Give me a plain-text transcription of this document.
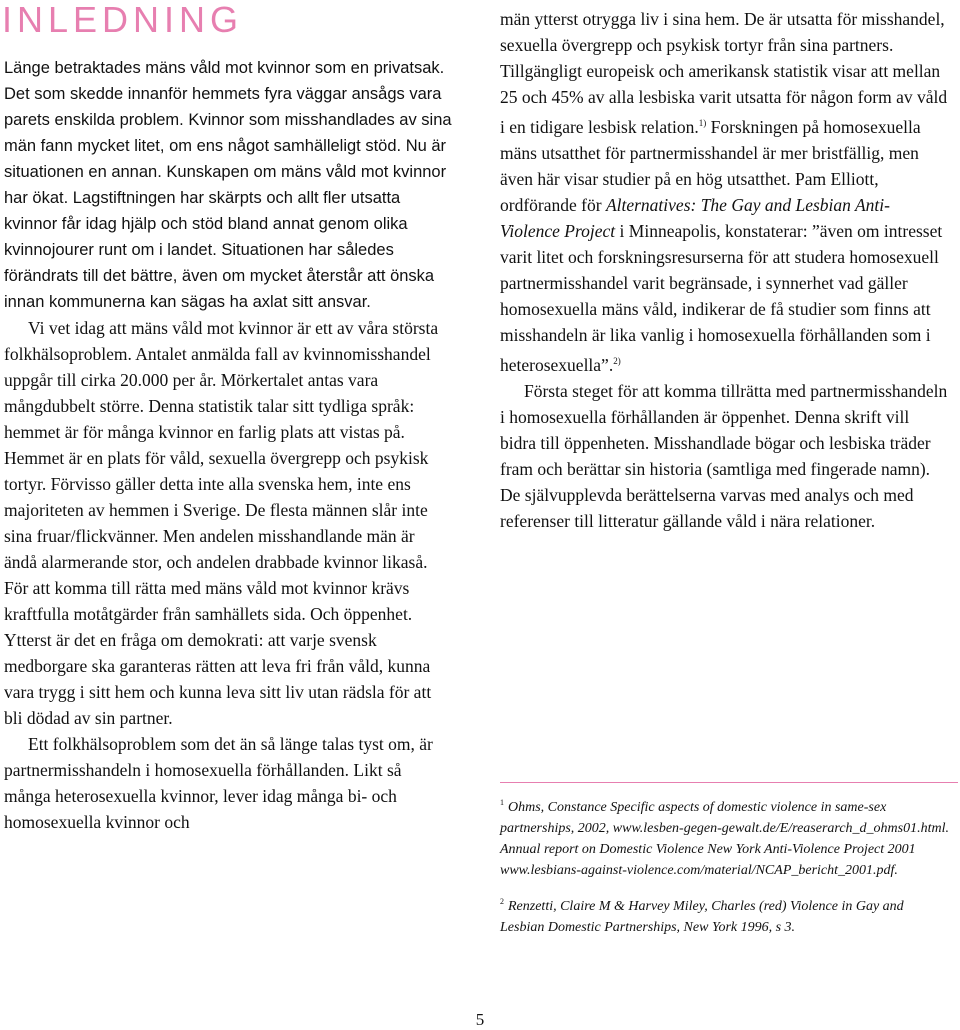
INLEDNING

Länge betraktades mäns våld mot kvinnor som en privatsak. Det som skedde innanför hemmets fyra väggar ansågs vara parets enskilda problem. Kvinnor som misshandlades av sina män fann mycket litet, om ens något samhälleligt stöd. Nu är situationen en annan. Kunskapen om mäns våld mot kvinnor har ökat. Lagstiftningen har skärpts och allt fler utsatta kvinnor får idag hjälp och stöd bland annat genom olika kvinnojourer runt om i landet. Situationen har således förändrats till det bättre, även om mycket återstår att önska innan kommunerna kan sägas ha axlat sitt ansvar.

Vi vet idag att mäns våld mot kvinnor är ett av våra största folkhälsoproblem. Antalet anmälda fall av kvinnomisshandel uppgår till cirka 20.000 per år. Mörkertalet antas vara mångdubbelt större. Denna statistik talar sitt tydliga språk: hemmet är för många kvinnor en farlig plats att vistas på. Hemmet är en plats för våld, sexuella övergrepp och psykisk tortyr. Förvisso gäller detta inte alla svenska hem, inte ens majoriteten av hemmen i Sverige. De flesta männen slår inte sina fruar/flickvänner. Men andelen misshandlande män är ändå alarmerande stor, och andelen drabbade kvinnor likaså. För att komma till rätta med mäns våld mot kvinnor krävs kraftfulla motåtgärder från samhällets sida. Och öppenhet. Ytterst är det en fråga om demokrati: att varje svensk medborgare ska garanteras rätten att leva fri från våld, kunna vara trygg i sitt hem och kunna leva sitt liv utan rädsla för att bli dödad av sin partner.

Ett folkhälsoproblem som det än så länge talas tyst om, är partnermisshandeln i homosexuella förhållanden. Likt så många heterosexuella kvinnor, lever idag många bi- och homosexuella kvinnor och

män ytterst otrygga liv i sina hem. De är utsatta för misshandel, sexuella övergrepp och psykisk tortyr från sina partners. Tillgängligt europeisk och amerikansk statistik visar att mellan 25 och 45% av alla lesbiska varit utsatta för någon form av våld i en tidigare lesbisk relation.$^{1)}$ Forskningen på homosexuella mäns utsatthet för partnermisshandel är mer bristfällig, men även här visar studier på en hög utsatthet. Pam Elliott, ordförande för Alternatives: The Gay and Lesbian Anti-Violence Project i Minneapolis, konstaterar: ”även om intresset varit litet och forskningsresurserna för att studera homosexuell partnermisshandel varit begränsade, i synnerhet vad gäller homosexuella mäns våld, indikerar de få studier som finns att misshandeln är lika vanlig i homosexuella förhållanden som i heterosexuella”.$^{2)}$

Första steget för att komma tillrätta med partnermisshandeln i homosexuella förhållanden är öppenhet. Denna skrift vill bidra till öppenheten. Misshandlade bögar och lesbiska träder fram och berättar sin historia (samtliga med fingerade namn). De självupplevda berättelserna varvas med analys och med referenser till litteratur gällande våld i nära relationer.

$^1$ Ohms, Constance Specific aspects of domestic violence in same-sex partnerships, 2002, www.lesben-gegen-gewalt.de/E/reaserarch_d_ohms01.html. Annual report on Domestic Violence New York Anti-Violence Project 2001 www.lesbians-against-violence.com/material/NCAP_bericht_2001.pdf.

$^2$ Renzetti, Claire M & Harvey Miley, Charles (red) Violence in Gay and Lesbian Domestic Partnerships, New York 1996, s 3.

5
